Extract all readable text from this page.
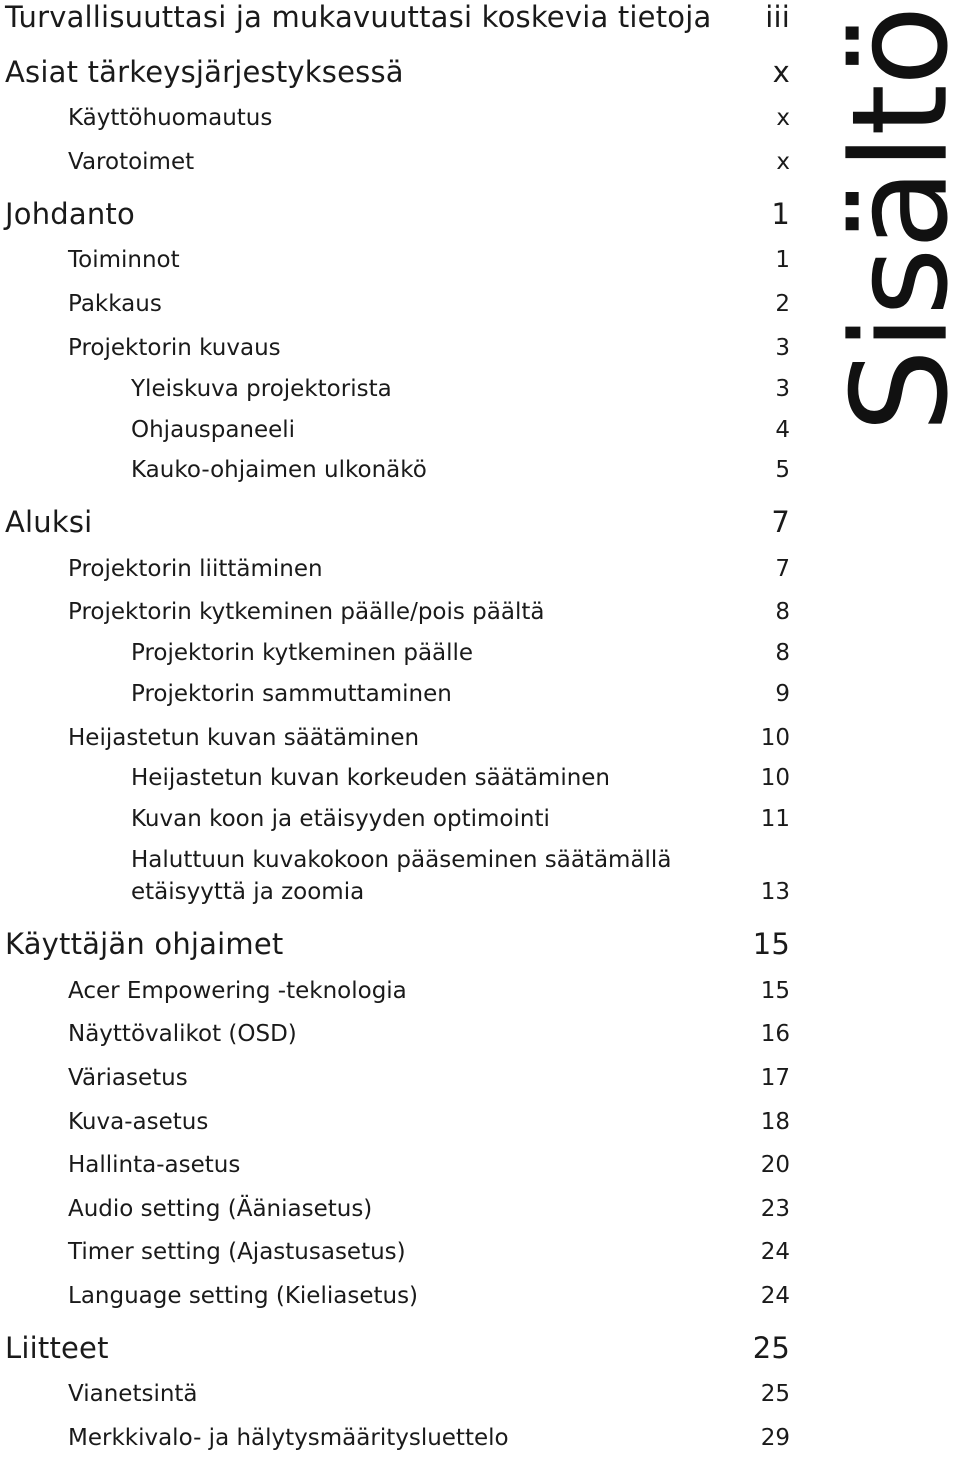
Turvallisuuttasi ja mukavuuttasi koskevia tietoja iii
Asiat tärkeysjärjestyksessä	x
Käyttöhuomautus	x
Varotoimet	x
Johdanto	1
Toiminnot	1
Pakkaus	2
Projektorin kuvaus	3
Yleiskuva projektorista	3
Ohjauspaneeli	4
Kauko-ohjaimen ulkonäkö	5
Aluksi	7
Projektorin liittäminen	7
Projektorin kytkeminen päälle/pois päältä	8
Projektorin kytkeminen päälle	8
Projektorin sammuttaminen	9
Heijastetun kuvan säätäminen	10
Heijastetun kuvan korkeuden säätäminen	10
Kuvan koon ja etäisyyden optimointi	11
Haluttuun kuvakokoon pääseminen säätämällä
etäisyyttä ja zoomia	13
Käyttäjän ohjaimet	15
Acer Empowering -teknologia	15
Näyttövalikot (OSD)	16
Väriasetus	17
Kuva-asetus	18
Hallinta-asetus	20
Audio setting (Ääniasetus)	23
Timer setting (Ajastusasetus)	24
Language setting (Kieliasetus)	24
Liitteet	25
Vianetsintä	25
Merkkivalo- ja hälytysmääritysluettelo	29
Sisältö
